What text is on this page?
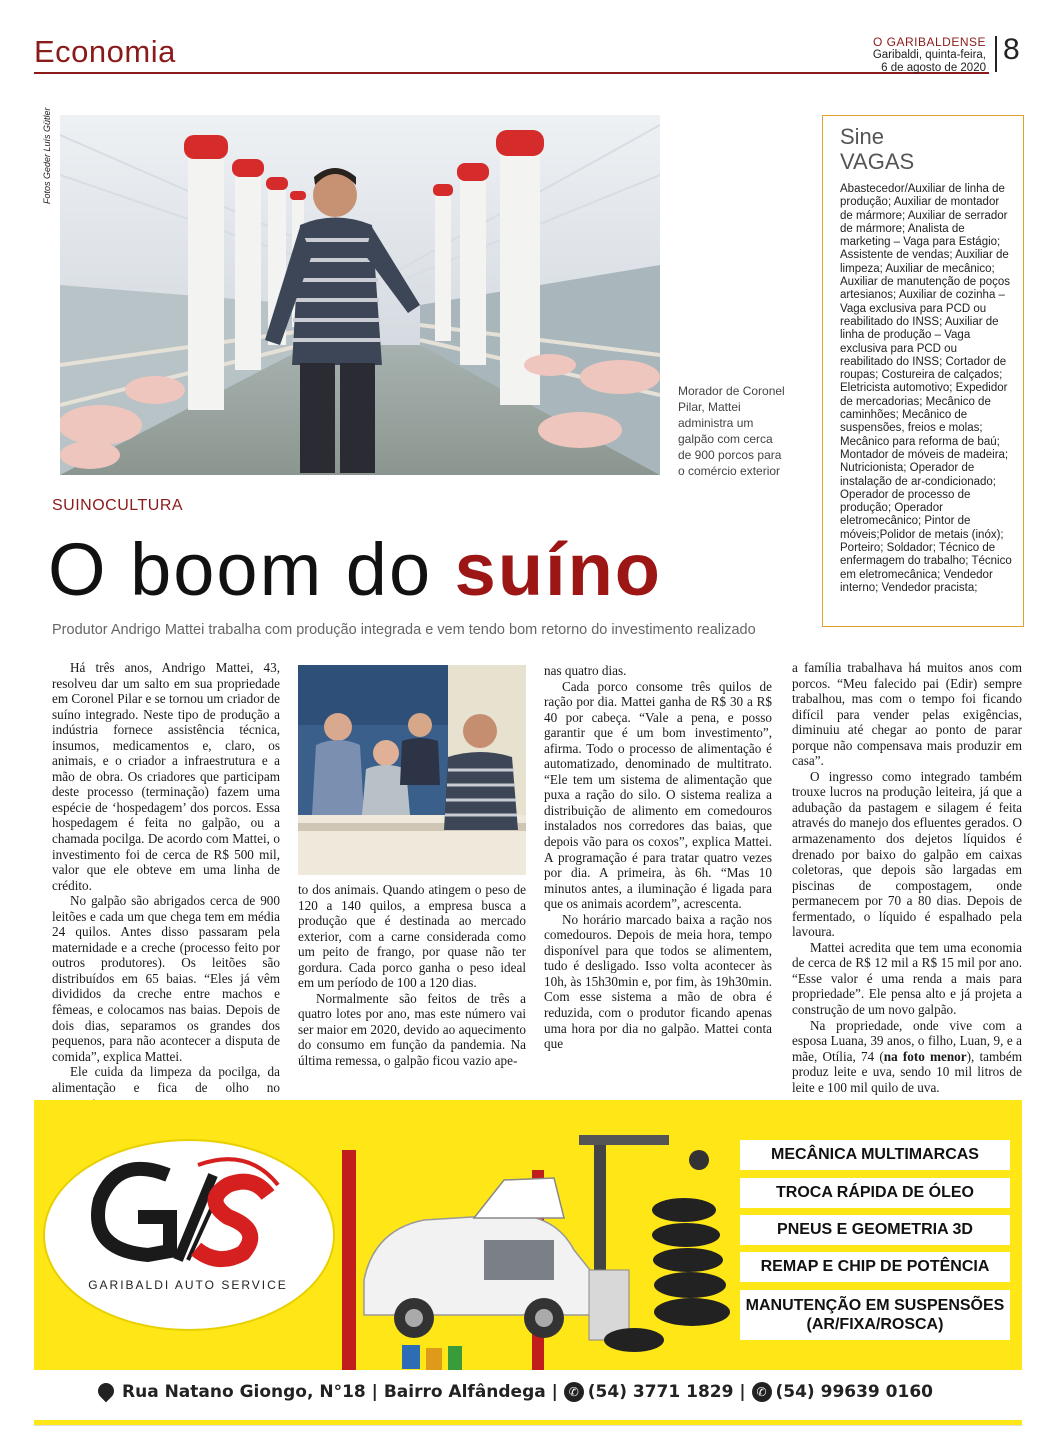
Economia	O GARIBALDENSE
Garibaldi, quinta-feira,
6 de agosto de 2020
8
Fotos Geder Luís Gütler
Morador de Coronel Pilar, Mattei administra um galpão com cerca de 900 porcos para o comércio exterior
Sine
VAGAS
Abastecedor/Auxiliar de linha de produção; Auxiliar de montador de mármore; Auxiliar de serrador de mármore; Analista de marketing – Vaga para Estágio; Assistente de vendas; Auxiliar de limpeza; Auxiliar de mecânico; Auxiliar de manutenção de poços artesianos; Auxiliar de cozinha – Vaga exclusiva para PCD ou reabilitado do INSS; Auxiliar de linha de produção – Vaga exclusiva para PCD ou reabilitado do INSS; Cortador de roupas; Costureira de calçados; Eletricista automotivo; Expedidor de mercadorias; Mecânico de caminhões; Mecânico de suspensões, freios e molas; Mecânico para reforma de baú; Montador de móveis de madeira; Nutricionista; Operador de instalação de ar-condicionado; Operador de processo de produção; Operador eletromecânico; Pintor de móveis;Polidor de metais (inóx); Porteiro; Soldador; Técnico de enfermagem do trabalho; Técnico em eletromecânica; Vendedor interno; Vendedor pracista;
SUINOCULTURA
O boom do suíno
Produtor Andrigo Mattei trabalha com produção integrada e vem tendo bom retorno do investimento realizado

Há três anos, Andrigo Mattei, 43, resolveu dar um salto em sua propriedade em Coronel Pilar e se tornou um criador de suíno integrado. Neste tipo de produção a indústria fornece assistência técnica, insumos, medicamentos e, claro, os animais, e o criador a infraestrutura e a mão de obra. Os criadores que participam deste processo (terminação) fazem uma espécie de ‘hospedagem’ dos porcos. Essa hospedagem é feita no galpão, ou a chamada pocilga. De acordo com Mattei, o investimento foi de cerca de R$ 500 mil, valor que ele obteve em uma linha de crédito.

No galpão são abrigados cerca de 900 leitões e cada um que chega tem em média 24 quilos. Antes disso passaram pela maternidade e a creche (processo feito por outros produtores). Os leitões são distribuídos em 65 baias. “Eles já vêm divididos da creche entre machos e fêmeas, e colocamos nas baias. Depois de dois dias, separamos os grandes dos pequenos, para não acontecer a disputa de comida”, explica Mattei.

Ele cuida da limpeza da pocilga, da alimentação e fica de olho no

to dos animais. Quando atingem o peso de 120 a 140 quilos, a empresa busca a produção que é destinada ao mercado exterior, com a carne considerada como um peito de frango, por quase não ter gordura. Cada porco ganha o peso ideal em um período de 100 a 120 dias.

Normalmente são feitos de três a quatro lotes por ano, mas este número vai ser maior em 2020, devido ao aquecimento do consumo em função da pandemia. Na última remessa, o galpão ficou vazio ape-

nas quatro dias.

Cada porco consome três quilos de ração por dia. Mattei ganha de R$ 30 a R$ 40 por cabeça. “Vale a pena, e posso garantir que é um bom investimento”, afirma. Todo o processo de alimentação é automatizado, denominado de multitrato. “Ele tem um sistema de alimentação que puxa a ração do silo. O sistema realiza a distribuição de alimento em comedouros instalados nos corredores das baias, que depois vão para os coxos”, explica Mattei. A programação é para tratar quatro vezes por dia. A primeira, às 6h. “Mas 10 minutos antes, a iluminação é ligada para que os animais acordem”, acrescenta.

No horário marcado baixa a ração nos comedouros. Depois de meia hora, tempo disponível para que todos se alimentem, tudo é desligado. Isso volta acontecer às 10h, às 15h30min e, por fim, às 19h30min. Com esse sistema a mão de obra é reduzida, com o produtor ficando apenas uma hora por dia no galpão. Mattei conta que

a família trabalhava há muitos anos com porcos. “Meu falecido pai (Edir) sempre trabalhou, mas com o tempo foi ficando difícil para vender pelas exigências, diminuiu até chegar ao ponto de parar porque não compensava mais produzir em casa”.

O ingresso como integrado também trouxe lucros na produção leiteira, já que a adubação da pastagem e silagem é feita através do manejo dos efluentes gerados. O armazenamento dos dejetos líquidos é drenado por baixo do galpão em caixas coletoras, que depois são largadas em piscinas de compostagem, onde permanecem por 70 a 80 dias. Depois de fermentado, o líquido é espalhado pela lavoura.

Mattei acredita que tem uma economia de cerca de R$ 12 mil a R$ 15 mil por ano. “Esse valor é uma renda a mais para propriedade”. Ele pensa alto e já projeta a construção de um novo galpão.

Na propriedade, onde vive com a esposa Luana, 39 anos, o filho, Luan, 9, e a mãe, Otília, 74 (na foto menor), também produz leite e uva, sendo 10 mil litros de leite e 100 mil quilo de uva.

GARIBALDI AUTO SERVICE
MECÂNICA MULTIMARCAS
TROCA RÁPIDA DE ÓLEO
PNEUS E GEOMETRIA 3D
REMAP E CHIP DE POTÊNCIA
MANUTENÇÃO EM SUSPENSÕES
(AR/FIXA/ROSCA)
Rua Natano Giongo, N°18 | Bairro Alfândega | ✆ (54) 3771 1829 | ✆ (54) 99639 0160
